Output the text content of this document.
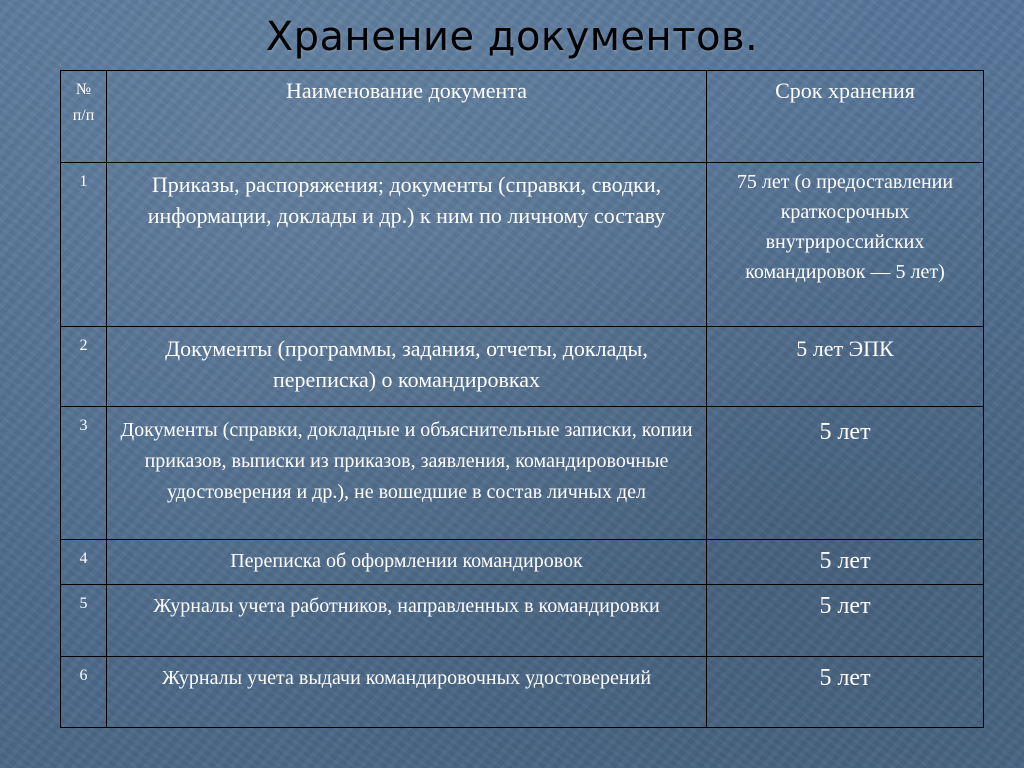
Хранение документов.
№ п/п	Наименование документа	Срок хранения
1	Приказы, распоряжения; документы (справки, сводки, информации, доклады и др.) к ним по личному составу	75 лет (о предоставлении краткосрочных внутрироссийских командировок — 5 лет)
2	Документы (программы, задания, отчеты, доклады, переписка) о командировках	5 лет ЭПК
3	Документы (справки, докладные и объяснительные записки, копии приказов, выписки из приказов, заявления, командировочные удостоверения и др.), не вошедшие в состав личных дел	5 лет
4	Переписка об оформлении командировок	5 лет
5	Журналы учета работников, направленных в командировки	5 лет
6	Журналы учета выдачи командировочных удостоверений	5 лет
